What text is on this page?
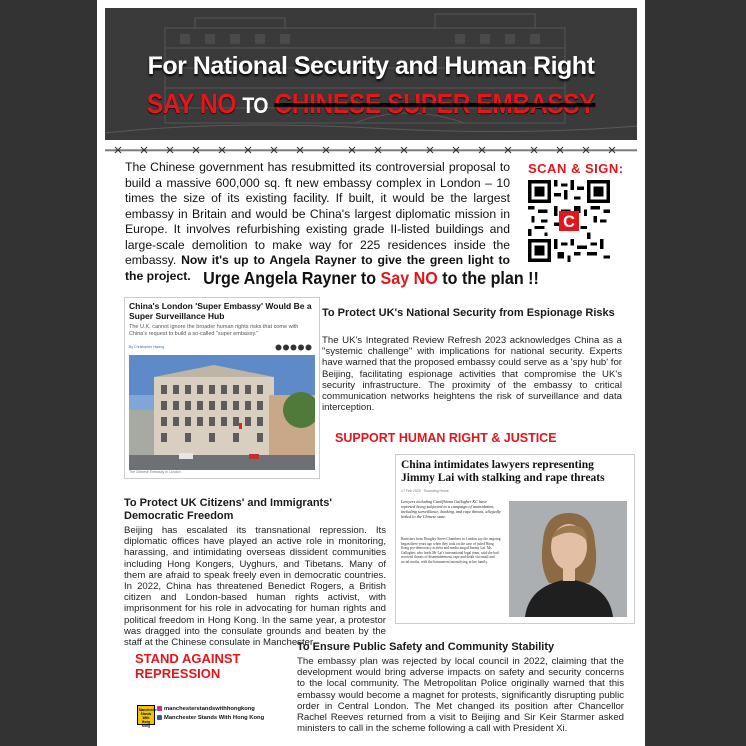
For National Security and Human Right
SAY NO TO CHINESE SUPER EMBASSY
The Chinese government has resubmitted its controversial proposal to build a massive 600,000 sq. ft new embassy complex in London – 10 times the size of its existing facility. If built, it would be the largest embassy in Britain and would be China's largest diplomatic mission in Europe. It involves refurbishing existing grade II-listed buildings and large-scale demolition to make way for 225 residences inside the embassy. Now it's up to Angela Rayner to give the green light to the project.
SCAN & SIGN:
C
Urge Angela Rayner to Say NO to the plan !!
China's London 'Super Embassy' Would Be a Super Surveillance Hub
The U.K. cannot ignore the broader human rights risks that come with China's request to build a so-called "super embassy."
By Christopher Hwang
The Chinese Embassy in London
To Protect UK's National Security from Espionage Risks
The UK's Integrated Review Refresh 2023 acknowledges China as a "systemic challenge" with implications for national security. Experts have warned that the proposed embassy could serve as a 'spy hub' for Beijing, facilitating espionage activities that compromise the UK's security infrastructure. The proximity of the embassy to critical communication networks heightens the risk of surveillance and data interception.
SUPPORT HUMAN RIGHT & JUSTICE
China intimidates lawyers representing Jimmy Lai with stalking and rape threats
17 Feb 2025 · Sounding Home
Lawyers including Caoilfhionn Gallagher KC have reported being subjected to a campaign of intimidation, including surveillance, hacking, and rape threats, allegedly linked to the Chinese state.
Barristers from Doughty Street Chambers in London say the ongoing began three years ago when they took on the case of jailed Hong Kong pro-democracy activist and media mogul Jimmy Lai. Ms Gallagher, who leads Mr Lai's international legal team, said she had received threats of dismemberment, rape and death via email and social media, with the harassment intensifying in her family.
To Protect UK Citizens' and Immigrants' Democratic Freedom
Beijing has escalated its transnational repression. Its diplomatic offices have played an active role in monitoring, harassing, and intimidating overseas dissident communities including Hong Kongers, Uyghurs, and Tibetans. Many of them are afraid to speak freely even in democratic countries. In 2022, China has threatened Benedict Rogers, a British citizen and London-based human rights activist, with imprisonment for his role in advocating for human rights and political freedom in Hong Kong. In the same year, a protestor was dragged into the consulate grounds and beaten by the staff at the Chinese consulate in Manchester.
STAND AGAINST
REPRESSION
To Ensure Public Safety and Community Stability
The embassy plan was rejected by local council in 2022, claiming that the development would bring adverse impacts on safety and security concerns to the local community. The Metropolitan Police originally warned that this embassy would become a magnet for protests, significantly disrupting public order in Central London. The Met changed its position after Chancellor Rachel Reeves returned from a visit to Beijing and Sir Keir Starmer asked ministers to call in the scheme following a call with President Xi.
Manchester Stands With Hong Kong
manchesterstandswithhongkong
Manchester Stands With Hong Kong
